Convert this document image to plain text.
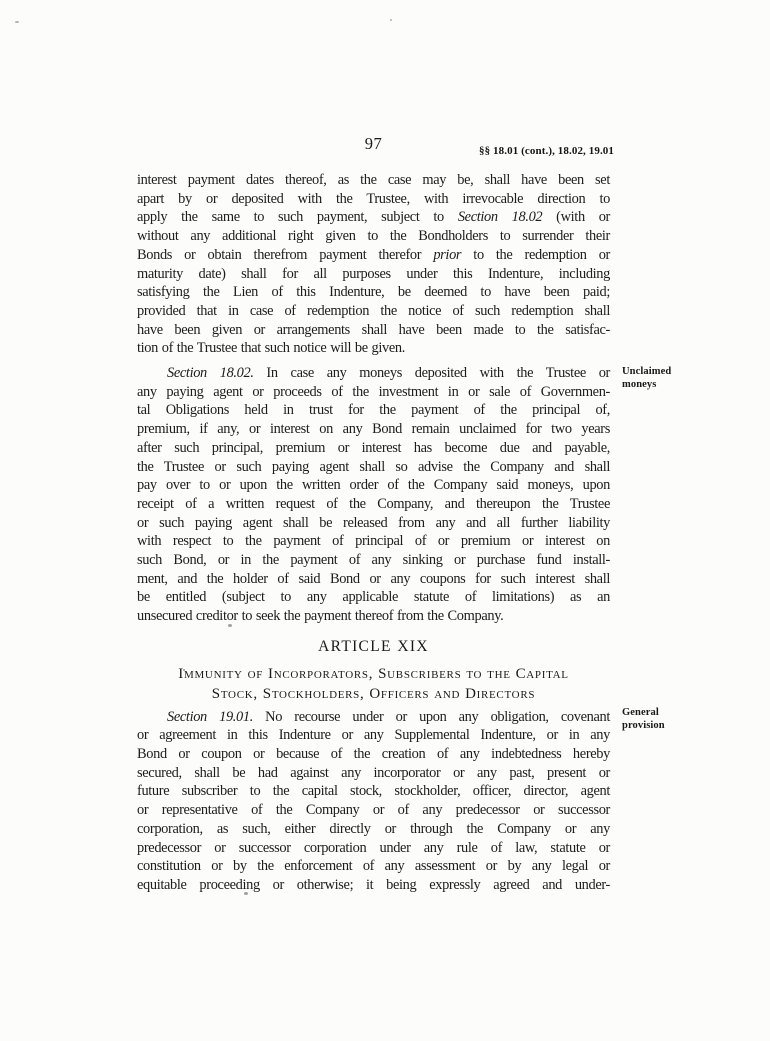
97	§§ 18.01 (cont.), 18.02, 19.01
interest payment dates thereof, as the case may be, shall have been set
apart by or deposited with the Trustee, with irrevocable direction to
apply the same to such payment, subject to Section 18.02 (with or
without any additional right given to the Bondholders to surrender their
Bonds or obtain therefrom payment therefor prior to the redemption or
maturity date) shall for all purposes under this Indenture, including
satisfying the Lien of this Indenture, be deemed to have been paid;
provided that in case of redemption the notice of such redemption shall
have been given or arrangements shall have been made to the satisfac-
tion of the Trustee that such notice will be given.
Section 18.02. In case any moneys deposited with the Trustee or
any paying agent or proceeds of the investment in or sale of Governmen-
tal Obligations held in trust for the payment of the principal of,
premium, if any, or interest on any Bond remain unclaimed for two years
after such principal, premium or interest has become due and payable,
the Trustee or such paying agent shall so advise the Company and shall
pay over to or upon the written order of the Company said moneys, upon
receipt of a written request of the Company, and thereupon the Trustee
or such paying agent shall be released from any and all further liability
with respect to the payment of principal of or premium or interest on
such Bond, or in the payment of any sinking or purchase fund install-
ment, and the holder of said Bond or any coupons for such interest shall
be entitled (subject to any applicable statute of limitations) as an
unsecured creditor to seek the payment thereof from the Company.
ARTICLE XIX
Immunity of Incorporators, Subscribers to the Capital
Stock, Stockholders, Officers and Directors
Section 19.01. No recourse under or upon any obligation, covenant
or agreement in this Indenture or any Supplemental Indenture, or in any
Bond or coupon or because of the creation of any indebtedness hereby
secured, shall be had against any incorporator or any past, present or
future subscriber to the capital stock, stockholder, officer, director, agent
or representative of the Company or of any predecessor or successor
corporation, as such, either directly or through the Company or any
predecessor or successor corporation under any rule of law, statute or
constitution or by the enforcement of any assessment or by any legal or
equitable proceeding or otherwise; it being expressly agreed and under-
Unclaimed moneys
General provision
